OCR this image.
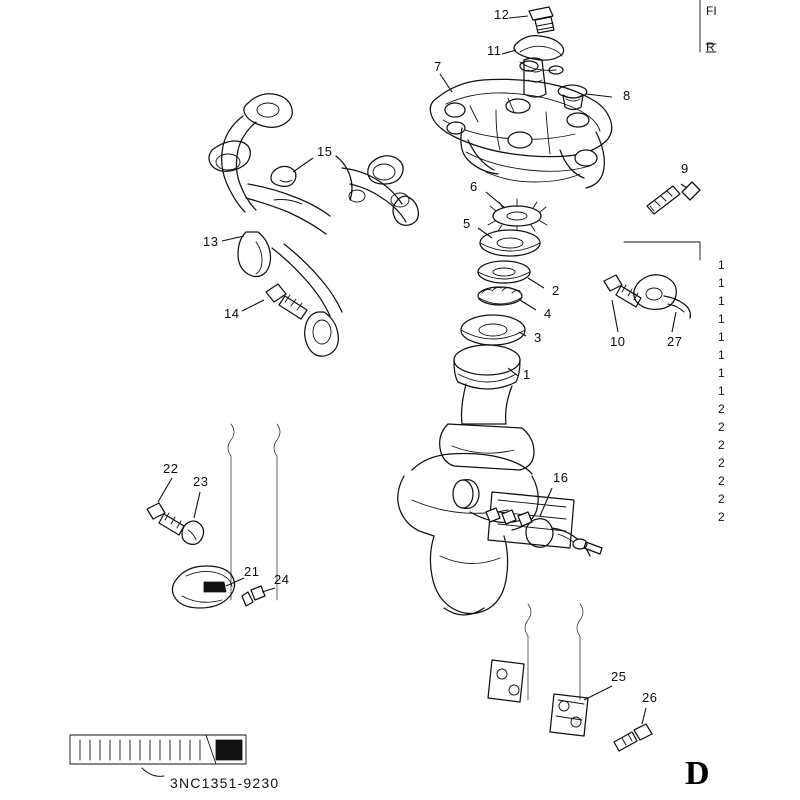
12
11
7
8
15
9
6
5
13
2
14	4
3	10	27
1
22
23	16
21
24
25
26
FI
R
1
1
1
1
1
1
1
1
2
2
2
2
2
2
2
3NC1351-9230	D
